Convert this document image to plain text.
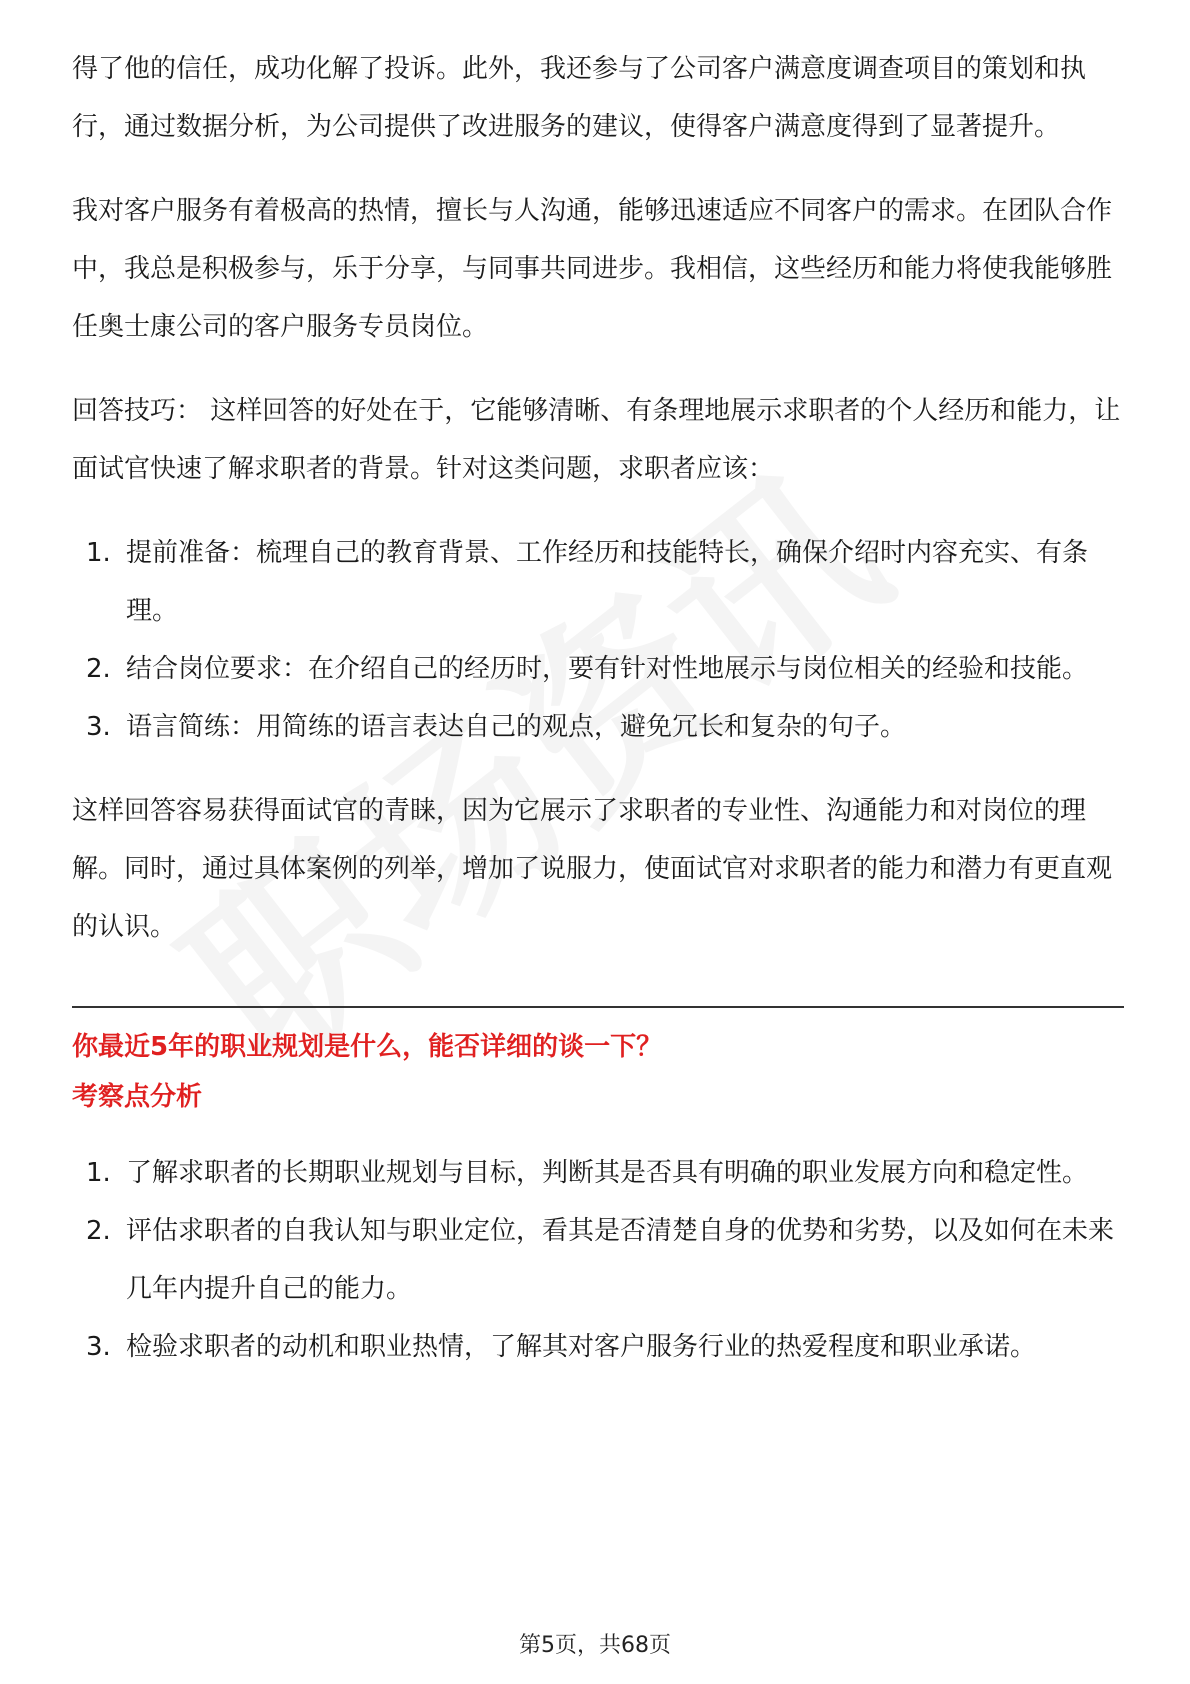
得了他的信任，成功化解了投诉。此外，我还参与了公司客户满意度调查项目的策划和执行，通过数据分析，为公司提供了改进服务的建议，使得客户满意度得到了显著提升。

我对客户服务有着极高的热情，擅长与人沟通，能够迅速适应不同客户的需求。在团队合作中，我总是积极参与，乐于分享，与同事共同进步。我相信，这些经历和能力将使我能够胜任奥士康公司的客户服务专员岗位。

回答技巧： 这样回答的好处在于，它能够清晰、有条理地展示求职者的个人经历和能力，让面试官快速了解求职者的背景。针对这类问题，求职者应该：

1. 提前准备：梳理自己的教育背景、工作经历和技能特长，确保介绍时内容充实、有条理。
2. 结合岗位要求：在介绍自己的经历时，要有针对性地展示与岗位相关的经验和技能。
3. 语言简练：用简练的语言表达自己的观点，避免冗长和复杂的句子。

这样回答容易获得面试官的青睐，因为它展示了求职者的专业性、沟通能力和对岗位的理解。同时，通过具体案例的列举，增加了说服力，使面试官对求职者的能力和潜力有更直观的认识。

你最近5年的职业规划是什么，能否详细的谈一下？

考察点分析

1. 了解求职者的长期职业规划与目标，判断其是否具有明确的职业发展方向和稳定性。
2. 评估求职者的自我认知与职业定位，看其是否清楚自身的优势和劣势，以及如何在未来几年内提升自己的能力。
3. 检验求职者的动机和职业热情，了解其对客户服务行业的热爱程度和职业承诺。
第5页，共68页
